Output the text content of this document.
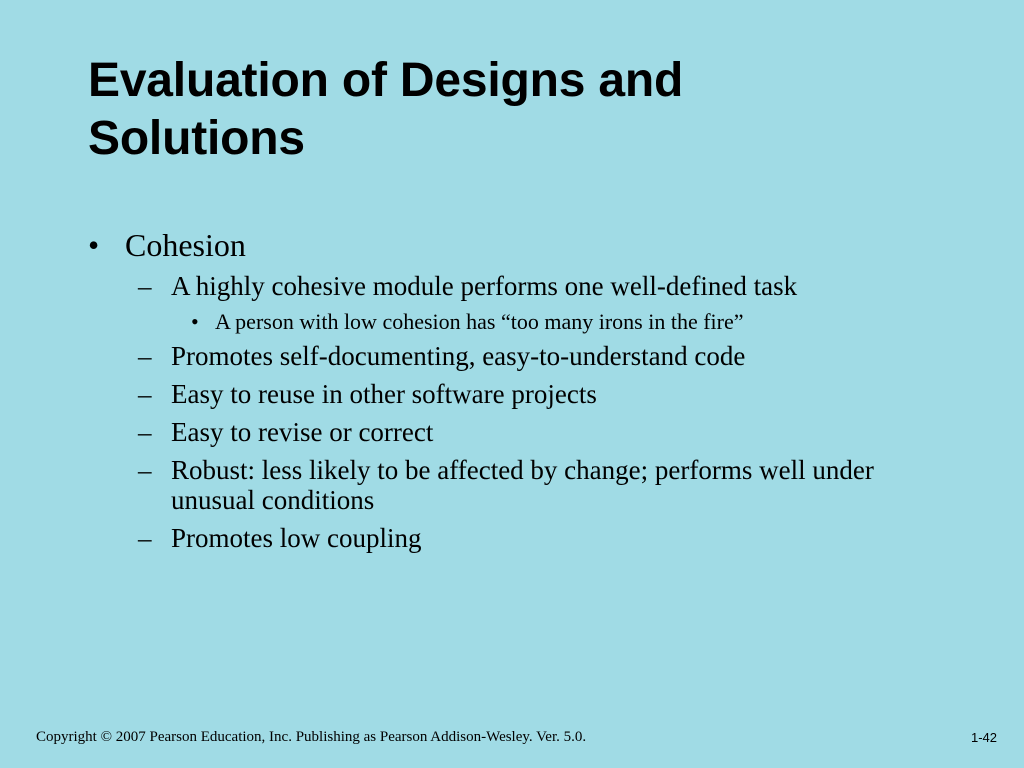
Evaluation of Designs and
Solutions
• Cohesion
– A highly cohesive module performs one well-defined task
• A person with low cohesion has “too many irons in the fire”
– Promotes self-documenting, easy-to-understand code
– Easy to reuse in other software projects
– Easy to revise or correct
– Robust: less likely to be affected by change; performs well under
unusual conditions
– Promotes low coupling
Copyright © 2007 Pearson Education, Inc. Publishing as Pearson Addison-Wesley. Ver. 5.0.	1-42
